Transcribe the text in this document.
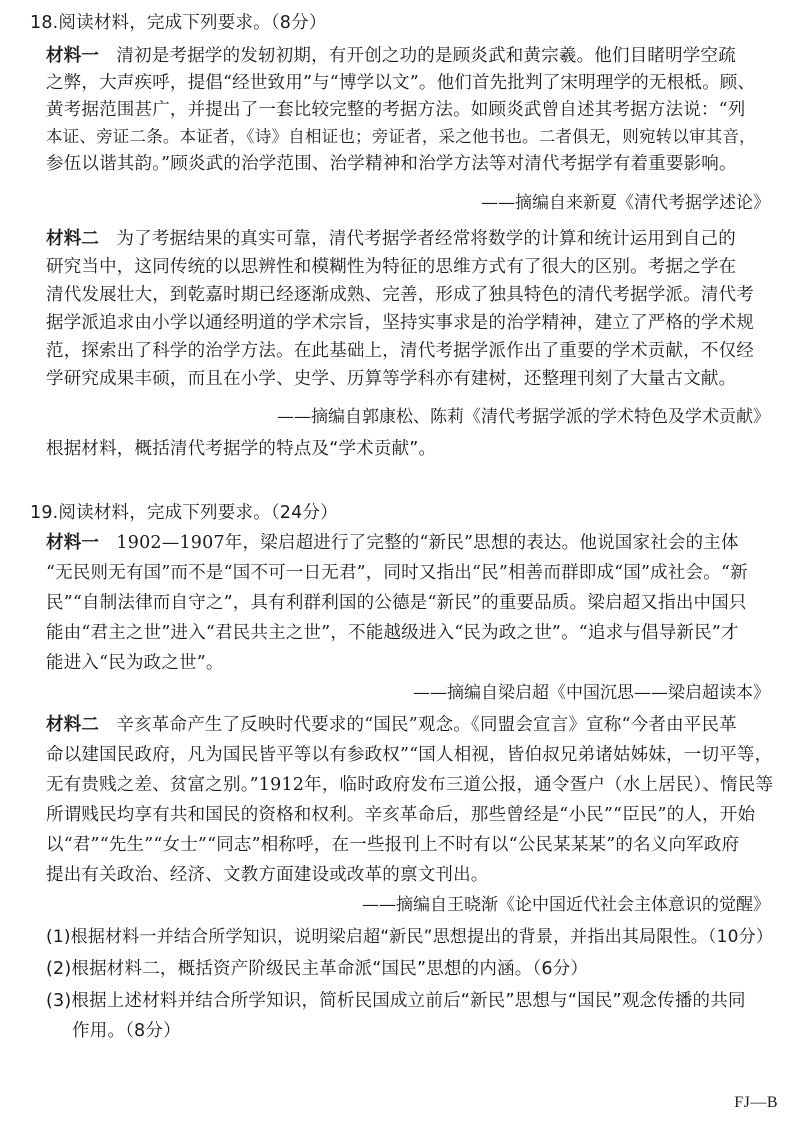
18.阅读材料，完成下列要求。（8分）

材料一 清初是考据学的发轫初期，有开创之功的是顾炎武和黄宗羲。他们目睹明学空疏

之弊，大声疾呼，提倡“经世致用”与“博学以文”。他们首先批判了宋明理学的无根柢。顾、

黄考据范围甚广，并提出了一套比较完整的考据方法。如顾炎武曾自述其考据方法说：“列

本证、旁证二条。本证者，《诗》自相证也；旁证者，采之他书也。二者俱无，则宛转以审其音，

参伍以谐其韵。”顾炎武的治学范围、治学精神和治学方法等对清代考据学有着重要影响。

——摘编自来新夏《清代考据学述论》

材料二 为了考据结果的真实可靠，清代考据学者经常将数学的计算和统计运用到自己的

研究当中，这同传统的以思辨性和模糊性为特征的思维方式有了很大的区别。考据之学在

清代发展壮大，到乾嘉时期已经逐渐成熟、完善，形成了独具特色的清代考据学派。清代考

据学派追求由小学以通经明道的学术宗旨，坚持实事求是的治学精神，建立了严格的学术规

范，探索出了科学的治学方法。在此基础上，清代考据学派作出了重要的学术贡献，不仅经

学研究成果丰硕，而且在小学、史学、历算等学科亦有建树，还整理刊刻了大量古文献。

——摘编自郭康松、陈莉《清代考据学派的学术特色及学术贡献》

根据材料，概括清代考据学的特点及“学术贡献”。

19.阅读材料，完成下列要求。（24分）

材料一 1902—1907年，梁启超进行了完整的“新民”思想的表达。他说国家社会的主体

“无民则无有国”而不是“国不可一日无君”，同时又指出“民”相善而群即成“国”成社会。“新

民”“自制法律而自守之”，具有利群利国的公德是“新民”的重要品质。梁启超又指出中国只

能由“君主之世”进入“君民共主之世”，不能越级进入“民为政之世”。“追求与倡导新民”才

能进入“民为政之世”。

——摘编自梁启超《中国沉思——梁启超读本》

材料二 辛亥革命产生了反映时代要求的“国民”观念。《同盟会宣言》宣称“今者由平民革

命以建国民政府，凡为国民皆平等以有参政权”“国人相视，皆伯叔兄弟诸姑姊妹，一切平等，

无有贵贱之差、贫富之别。”1912年，临时政府发布三道公报，通令疍户（水上居民）、惰民等

所谓贱民均享有共和国民的资格和权利。辛亥革命后，那些曾经是“小民”“臣民”的人，开始

以“君”“先生”“女士”“同志”相称呼，在一些报刊上不时有以“公民某某某”的名义向军政府

提出有关政治、经济、文教方面建设或改革的禀文刊出。

——摘编自王晓渐《论中国近代社会主体意识的觉醒》

(1)根据材料一并结合所学知识，说明梁启超“新民”思想提出的背景，并指出其局限性。（10分）

(2)根据材料二，概括资产阶级民主革命派“国民”思想的内涵。（6分）

(3)根据上述材料并结合所学知识，简析民国成立前后“新民”思想与“国民”观念传播的共同

作用。（8分）

FJ—B
